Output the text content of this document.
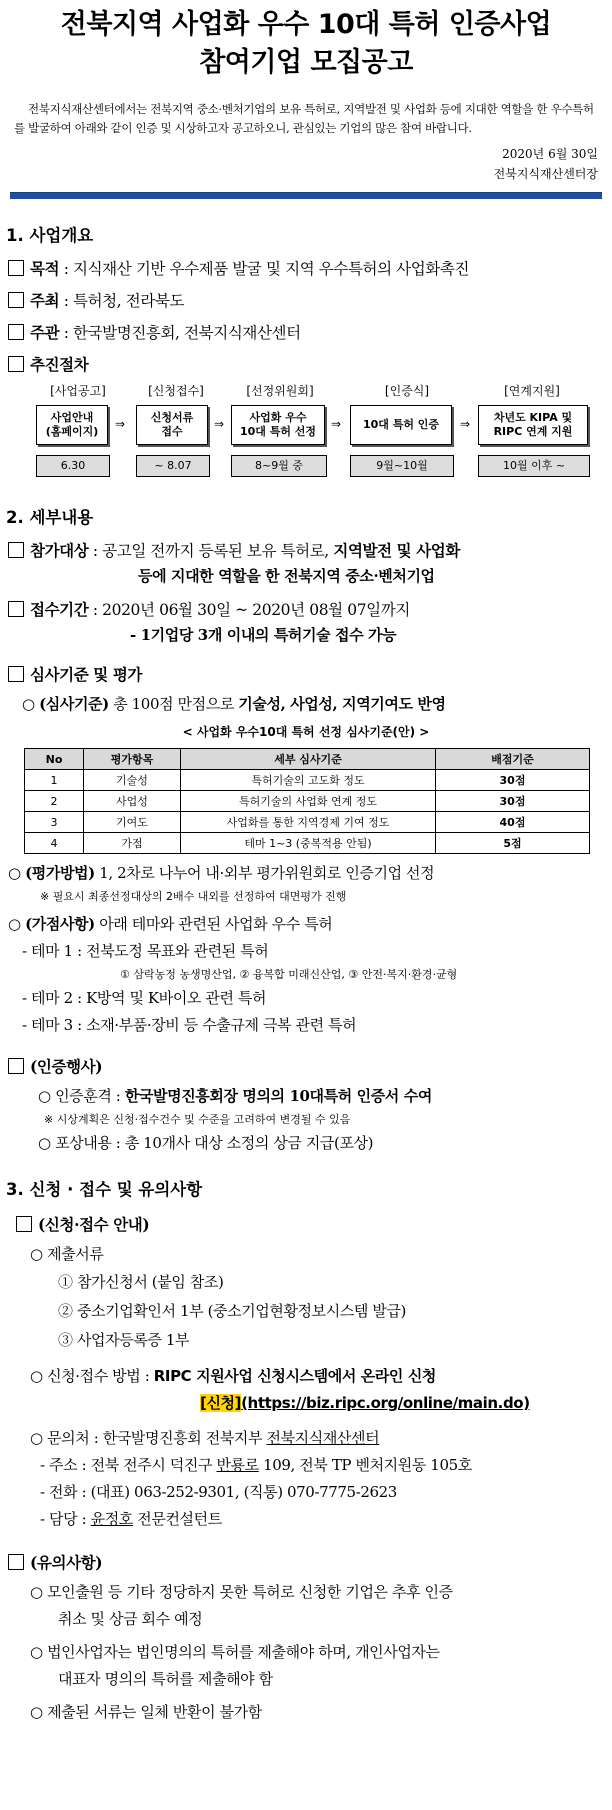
전북지역 사업화 우수 10대 특허 인증사업
참여기업 모집공고
전북지식재산센터에서는 전북지역 중소·벤처기업의 보유 특허로, 지역발전 및 사업화 등에 지대한 역할을 한 우수특허를 발굴하여 아래와 같이 인증 및 시상하고자 공고하오니, 관심있는 기업의 많은 참여 바랍니다.
2020년 6월 30일
전북지식재산센터장
1. 사업개요
목적 : 지식재산 기반 우수제품 발굴 및 지역 우수특허의 사업화촉진
주최 : 특허청, 전라북도
주관 : 한국발명진흥회, 전북지식재산센터
추진절차
[사업공고]
사업안내
(홈페이지)
6.30
⇒
[신청접수]
신청서류
접수
~ 8.07
⇒
[선정위원회]
사업화 우수
10대 특허 선정
8~9월 중
⇒
[인증식]
10대 특허 인증
9월~10월
⇒
[연계지원]
차년도 KIPA 및
RIPC 연계 지원
10월 이후 ~
2. 세부내용
참가대상 : 공고일 전까지 등록된 보유 특허로, 지역발전 및 사업화
등에 지대한 역할을 한 전북지역 중소·벤처기업
접수기간 : 2020년 06월 30일 ~ 2020년 08월 07일까지
- 1기업당 3개 이내의 특허기술 접수 가능
심사기준 및 평가
○ (심사기준) 총 100점 만점으로 기술성, 사업성, 지역기여도 반영
< 사업화 우수10대 특허 선정 심사기준(안) >
No	평가항목	세부 심사기준	배점기준
1	기술성	특허기술의 고도화 정도	30점
2	사업성	특허기술의 사업화 연계 정도	30점
3	기여도	사업화를 통한 지역경제 기여 정도	40점
4	가점	테마 1~3 (중복적용 안됨)	5점
○ (평가방법) 1, 2차로 나누어 내·외부 평가위원회로 인증기업 선정
※ 필요시 최종선정대상의 2배수 내외를 선정하여 대면평가 진행
○ (가점사항) 아래 테마와 관련된 사업화 우수 특허
- 테마 1 : 전북도정 목표와 관련된 특허
① 삼락농정 농생명산업, ② 융복합 미래신산업, ③ 안전·복지·환경·균형
- 테마 2 : K방역 및 K바이오 관련 특허
- 테마 3 : 소재·부품·장비 등 수출규제 극복 관련 특허
(인증행사)
○ 인증훈격 : 한국발명진흥회장 명의의 10대특허 인증서 수여
※ 시상계획은 신청·접수건수 및 수준을 고려하여 변경될 수 있음
○ 포상내용 : 총 10개사 대상 소정의 상금 지급(포상)
3. 신청 · 접수 및 유의사항
(신청·접수 안내)
○ 제출서류
① 참가신청서 (붙임 참조)
② 중소기업확인서 1부 (중소기업현황정보시스템 발급)
③ 사업자등록증 1부
○ 신청·접수 방법 : RIPC 지원사업 신청시스템에서 온라인 신청
[신청](https://biz.ripc.org/online/main.do)
○ 문의처 : 한국발명진흥회 전북지부 전북지식재산센터
- 주소 : 전북 전주시 덕진구 반룡로 109, 전북 TP 벤처지원동 105호
- 전화 : (대표) 063-252-9301, (직통) 070-7775-2623
- 담당 : 윤정호 전문컨설턴트
(유의사항)
○ 모인출원 등 기타 정당하지 못한 특허로 신청한 기업은 추후 인증
취소 및 상금 회수 예정
○ 법인사업자는 법인명의의 특허를 제출해야 하며, 개인사업자는
대표자 명의의 특허를 제출해야 함
○ 제출된 서류는 일체 반환이 불가함
